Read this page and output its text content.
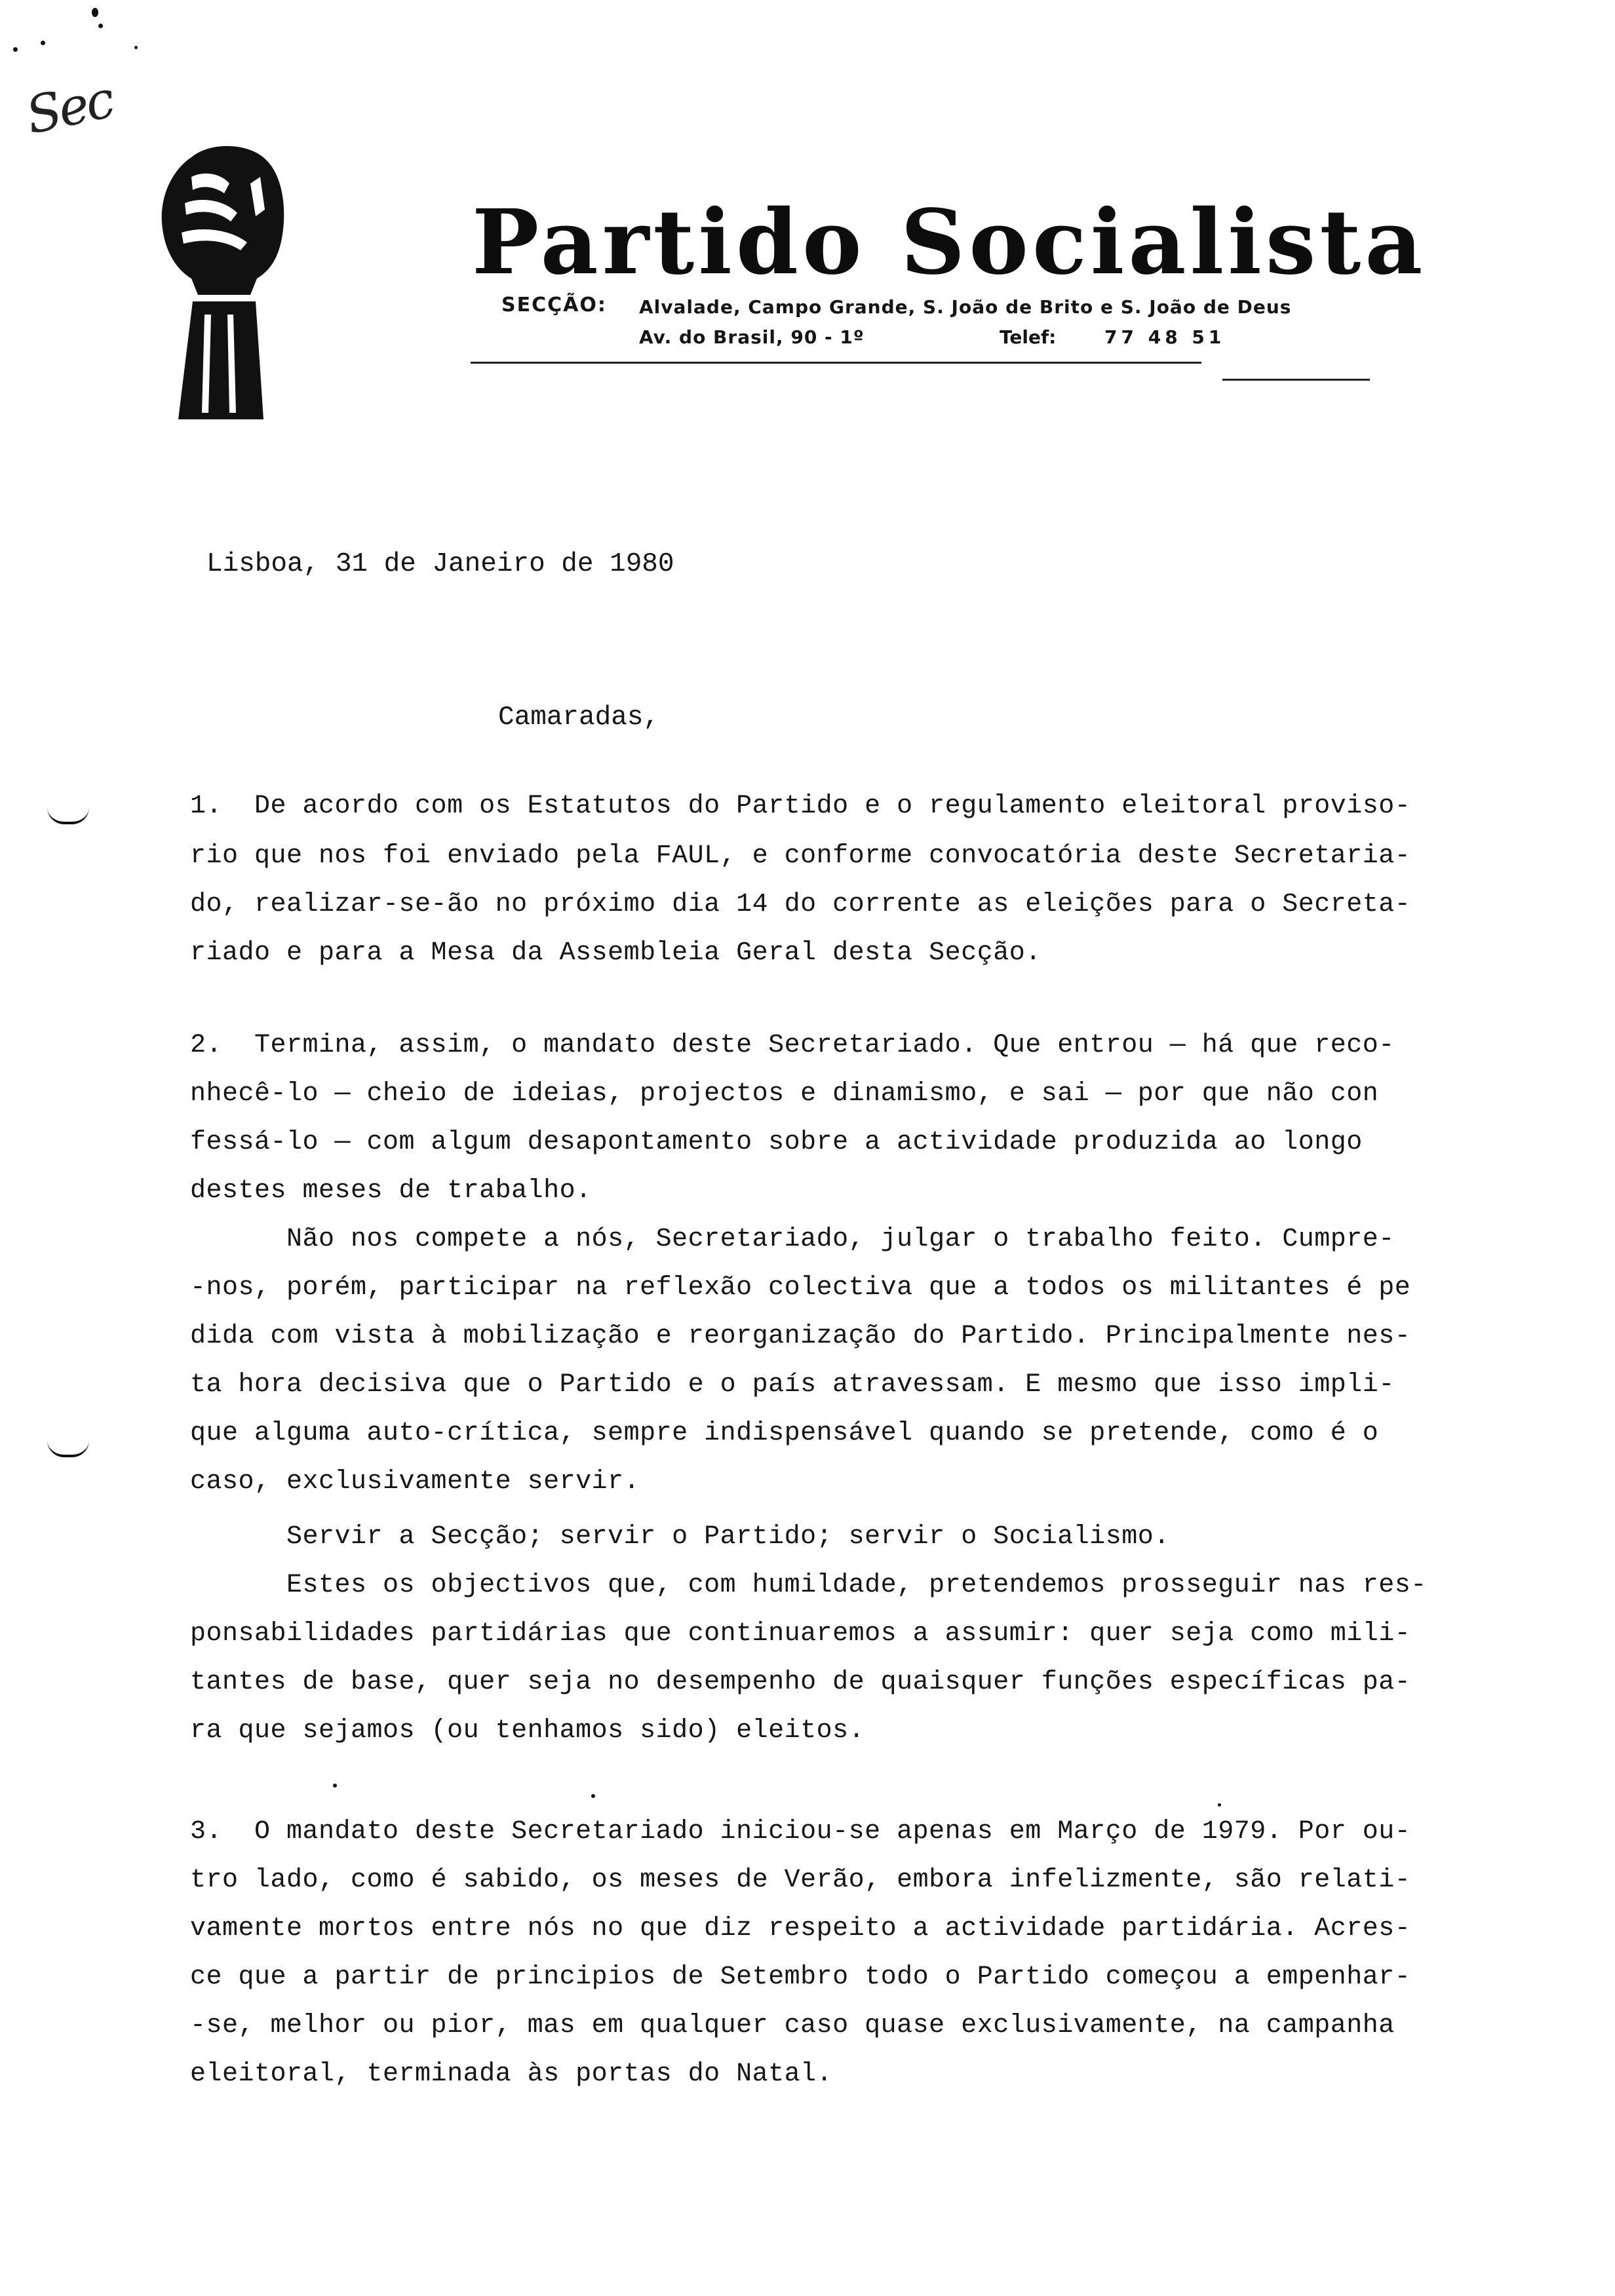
Sec
Partido Socialista
SECÇÃO: Alvalade, Campo Grande, S. João de Brito e S. João de Deus
Av. do Brasil, 90 - 1º	Telef:	77 48 51
Lisboa, 31 de Janeiro de 1980
Camaradas,
1.  De acordo com os Estatutos do Partido e o regulamento eleitoral proviso-
rio que nos foi enviado pela FAUL, e conforme convocatória deste Secretaria-
do, realizar-se-ão no próximo dia 14 do corrente as eleições para o Secreta-
riado e para a Mesa da Assembleia Geral desta Secção.
2.  Termina, assim, o mandato deste Secretariado. Que entrou — há que reco-
nhecê-lo — cheio de ideias, projectos e dinamismo, e sai — por que não con
fessá-lo — com algum desapontamento sobre a actividade produzida ao longo
destes meses de trabalho.
Não nos compete a nós, Secretariado, julgar o trabalho feito. Cumpre-
-nos, porém, participar na reflexão colectiva que a todos os militantes é pe
dida com vista à mobilização e reorganização do Partido. Principalmente nes-
ta hora decisiva que o Partido e o país atravessam. E mesmo que isso impli-
que alguma auto-crítica, sempre indispensável quando se pretende, como é o
caso, exclusivamente servir.
Servir a Secção; servir o Partido; servir o Socialismo.
Estes os objectivos que, com humildade, pretendemos prosseguir nas res-
ponsabilidades partidárias que continuaremos a assumir: quer seja como mili-
tantes de base, quer seja no desempenho de quaisquer funções específicas pa-
ra que sejamos (ou tenhamos sido) eleitos.
3.  O mandato deste Secretariado iniciou-se apenas em Março de 1979. Por ou-
tro lado, como é sabido, os meses de Verão, embora infelizmente, são relati-
vamente mortos entre nós no que diz respeito a actividade partidária. Acres-
ce que a partir de principios de Setembro todo o Partido começou a empenhar-
-se, melhor ou pior, mas em qualquer caso quase exclusivamente, na campanha
eleitoral, terminada às portas do Natal.
